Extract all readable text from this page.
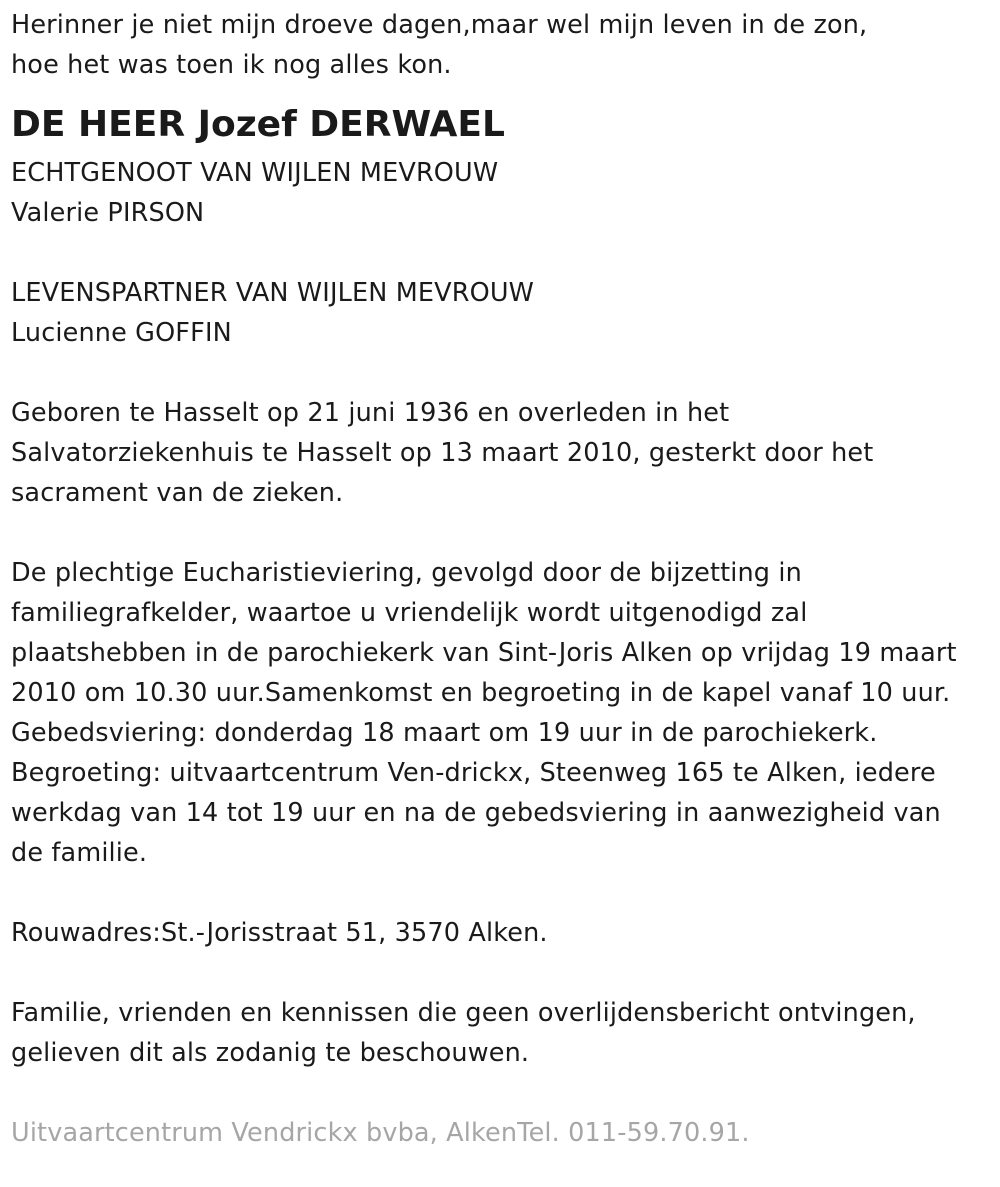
Herinner je niet mijn droeve dagen,maar wel mijn leven in de zon,
hoe het was toen ik nog alles kon.
DE HEER Jozef DERWAEL
ECHTGENOOT VAN WIJLEN MEVROUW
Valerie PIRSON
LEVENSPARTNER VAN WIJLEN MEVROUW
Lucienne GOFFIN
Geboren te Hasselt op 21 juni 1936 en overleden in het
Salvatorziekenhuis te Hasselt op 13 maart 2010, gesterkt door het
sacrament van de zieken.
De plechtige Eucharistieviering, gevolgd door de bijzetting in
familiegrafkelder, waartoe u vriendelijk wordt uitgenodigd zal
plaatshebben in de parochiekerk van Sint-Joris Alken op vrijdag 19 maart
2010 om 10.30 uur.Samenkomst en begroeting in de kapel vanaf 10 uur.
Gebedsviering: donderdag 18 maart om 19 uur in de parochiekerk.
Begroeting: uitvaartcentrum Ven-drickx, Steenweg 165 te Alken, iedere
werkdag van 14 tot 19 uur en na de gebedsviering in aanwezigheid van
de familie.
Rouwadres:St.-Jorisstraat 51, 3570 Alken.
Familie, vrienden en kennissen die geen overlijdensbericht ontvingen,
gelieven dit als zodanig te beschouwen.
Uitvaartcentrum Vendrickx bvba, AlkenTel. 011-59.70.91.
